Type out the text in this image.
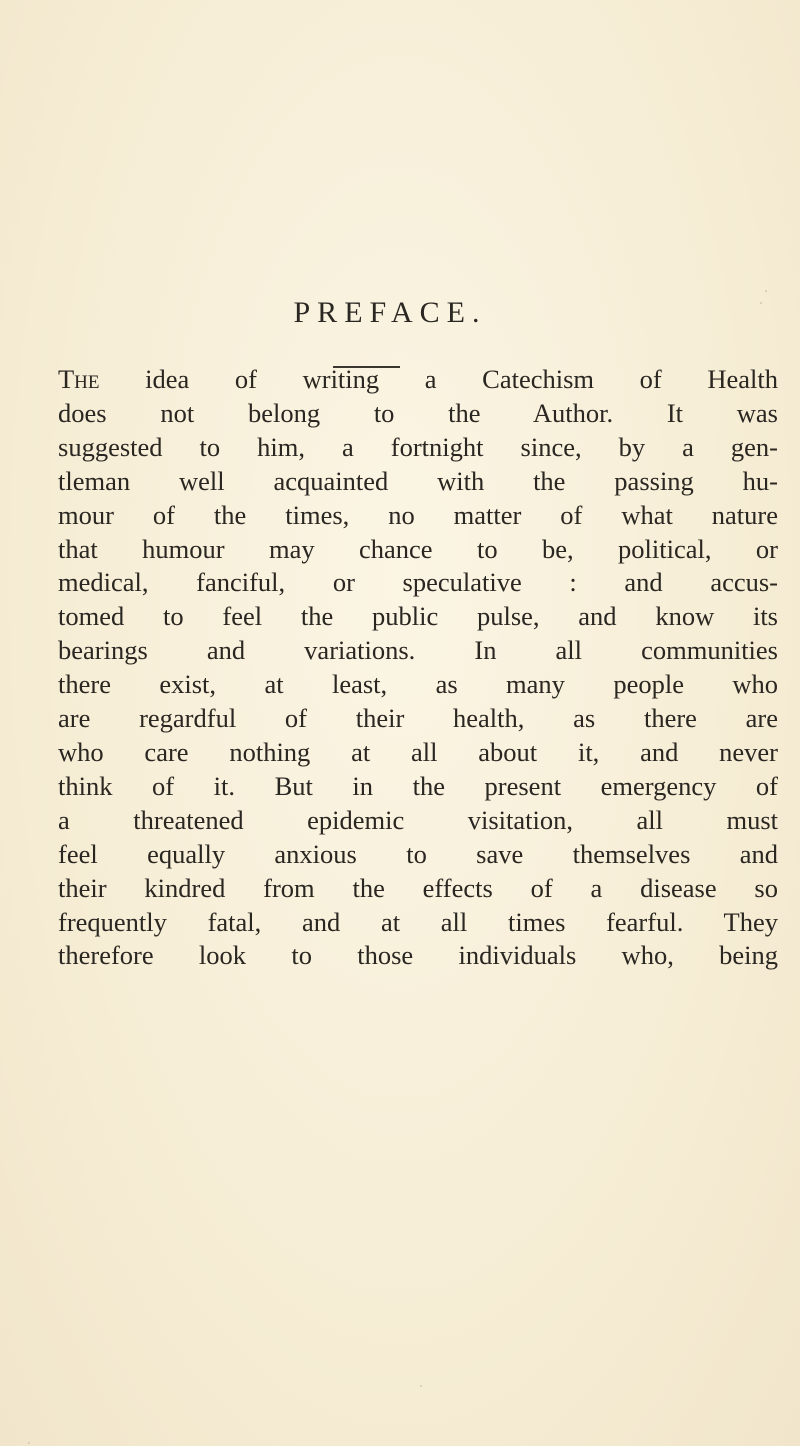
PREFACE.
The idea of writing a Catechism of Health
does not belong to the Author. It was
suggested to him, a fortnight since, by a gen-
tleman well acquainted with the passing hu-
mour of the times, no matter of what nature
that humour may chance to be, political, or
medical, fanciful, or speculative : and accus-
tomed to feel the public pulse, and know its
bearings and variations. In all communities
there exist, at least, as many people who
are regardful of their health, as there are
who care nothing at all about it, and never
think of it. But in the present emergency of
a threatened epidemic visitation, all must
feel equally anxious to save themselves and
their kindred from the effects of a disease so
frequently fatal, and at all times fearful. They
therefore look to those individuals who, being
